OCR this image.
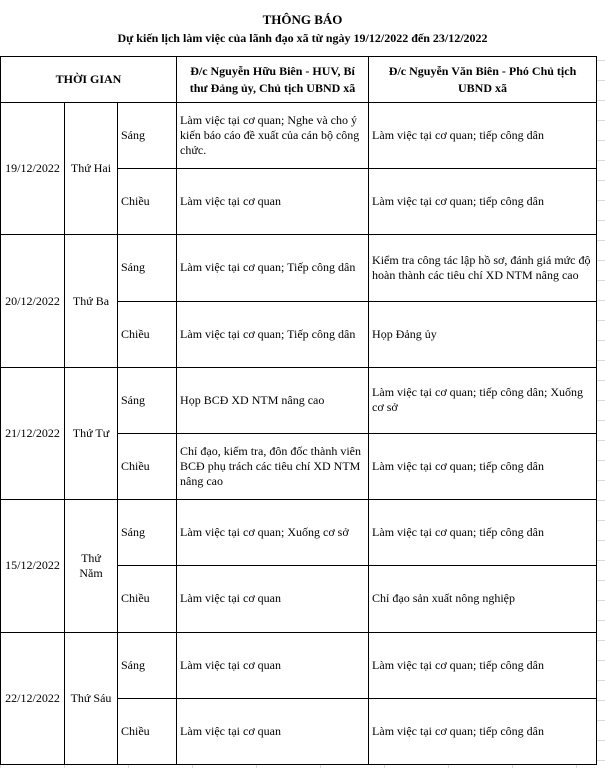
THÔNG BÁO
Dự kiến lịch làm việc của lãnh đạo xã từ ngày 19/12/2022 đến 23/12/2022
THỜI GIAN			Đ/c Nguyễn Hữu Biên - HUV, Bí thư Đảng ủy, Chủ tịch UBND xã	Đ/c Nguyễn Văn Biên - Phó Chủ tịch UBND xã
19/12/2022	Thứ Hai	Sáng	Làm việc tại cơ quan; Nghe và cho ý kiến báo cáo đề xuất của cán bộ công chức.	Làm việc tại cơ quan; tiếp công dân
		Chiều	Làm việc tại cơ quan	Làm việc tại cơ quan; tiếp công dân
20/12/2022	Thứ Ba	Sáng	Làm việc tại cơ quan; Tiếp công dân	Kiểm tra công tác lập hồ sơ, đánh giá mức độ hoàn thành các tiêu chí XD NTM nâng cao
		Chiều	Làm việc tại cơ quan; Tiếp công dân	Họp Đảng ủy
21/12/2022	Thứ Tư	Sáng	Họp BCĐ XD NTM nâng cao	Làm việc tại cơ quan; tiếp công dân; Xuống cơ sở
		Chiều	Chỉ đạo, kiểm tra, đôn đốc thành viên BCĐ phụ trách các tiêu chí XD NTM nâng cao	Làm việc tại cơ quan; tiếp công dân
15/12/2022	Thứ Năm	Sáng	Làm việc tại cơ quan; Xuống cơ sở	Làm việc tại cơ quan; tiếp công dân
		Chiều	Làm việc tại cơ quan	Chỉ đạo sản xuất nông nghiệp
22/12/2022	Thứ Sáu	Sáng	Làm việc tại cơ quan	Làm việc tại cơ quan; tiếp công dân
		Chiều	Làm việc tại cơ quan	Làm việc tại cơ quan; tiếp công dân
